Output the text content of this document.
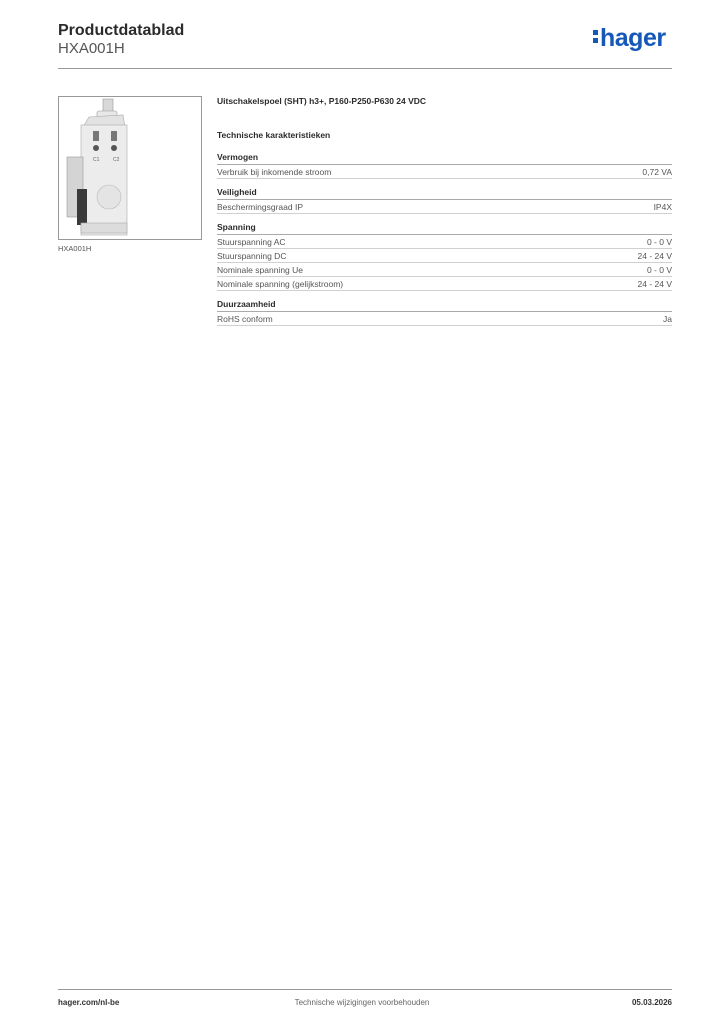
Productdatablad
HXA001H	hager
C1	C2
HXA001H
Uitschakelspoel (SHT) h3+, P160-P250-P630 24 VDC
Technische karakteristieken
Vermogen
Verbruik bij inkomende stroom	0,72 VA
Veiligheid
Beschermingsgraad IP	IP4X
Spanning
Stuurspanning AC	0 - 0 V
Stuurspanning DC	24 - 24 V
Nominale spanning Ue	0 - 0 V
Nominale spanning (gelijkstroom)	24 - 24 V
Duurzaamheid
RoHS conform	Ja
hager.com/nl-be	Technische wijzigingen voorbehouden	05.03.2026
